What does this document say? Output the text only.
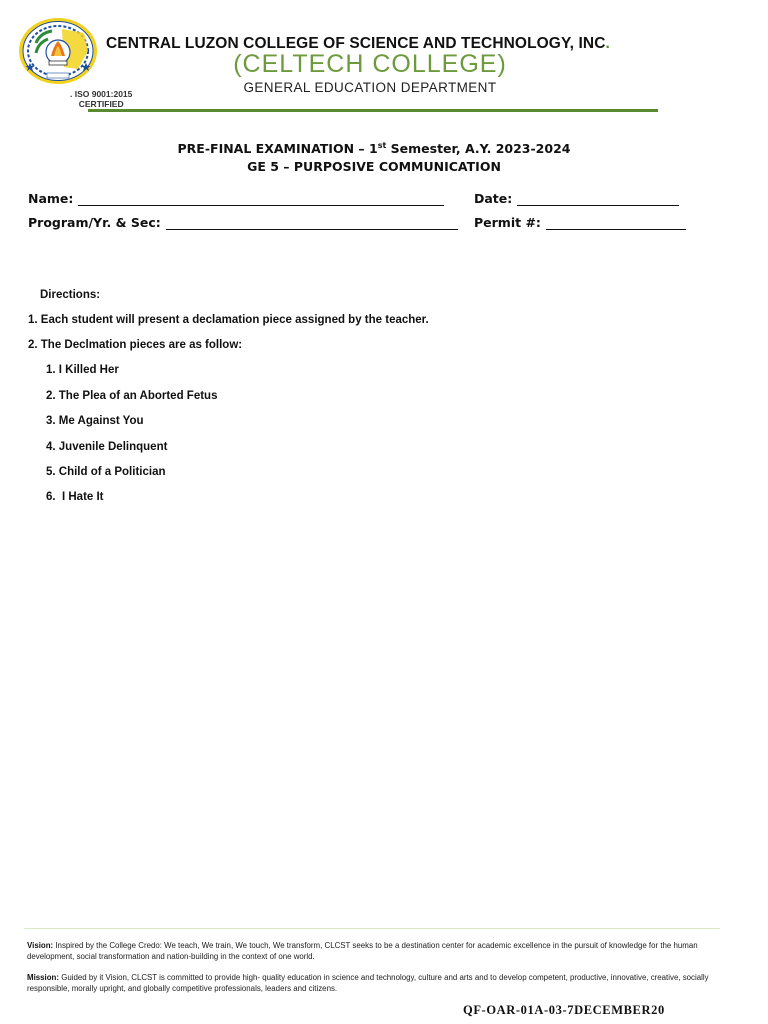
CENTRAL LUZON COLLEGE OF SCIENCE AND TECHNOLOGY, INC.
(CELTECH COLLEGE)
GENERAL EDUCATION DEPARTMENT
. ISO 9001:2015
CERTIFIED
PRE-FINAL EXAMINATION – 1st Semester, A.Y. 2023-2024
GE 5 – PURPOSIVE COMMUNICATION
Name:
Program/Yr. & Sec:
Date:
Permit #:
Directions:
1. Each student will present a declamation piece assigned by the teacher.
2. The Declmation pieces are as follow:
1. I Killed Her
2. The Plea of an Aborted Fetus
3. Me Against You
4. Juvenile Delinquent
5. Child of a Politician
6.  I Hate It
Vision: Inspired by the College Credo: We teach, We train, We touch, We transform, CLCST seeks to be a destination center for academic excellence in the pursuit of knowledge for the human development, social transformation and nation-building in the context of one world.
Mission: Guided by it Vision, CLCST is committed to provide high- quality education in science and technology, culture and arts and to develop competent, productive, innovative, creative, socially responsible, morally upright, and globally competitive professionals, leaders and citizens.
QF-OAR-01A-03-7DECEMBER20
